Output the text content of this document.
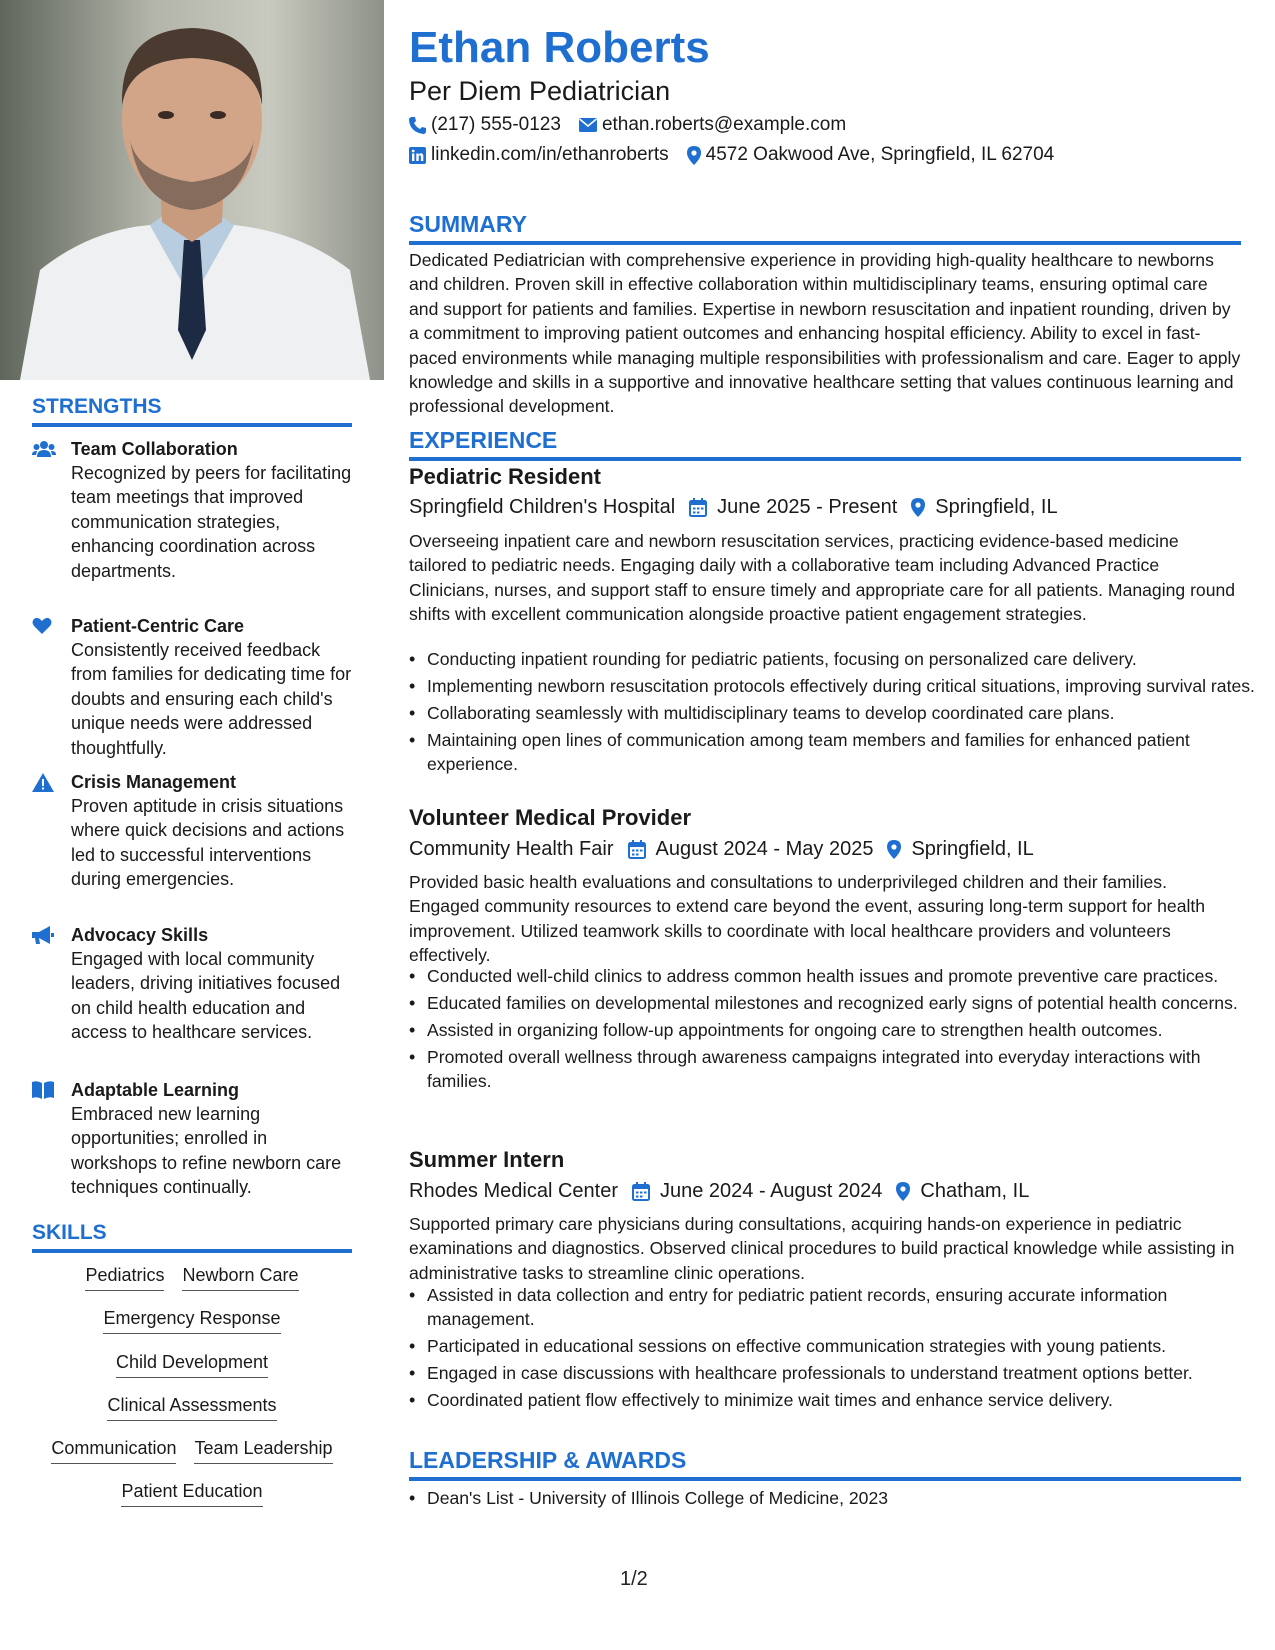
STRENGTHS
Team Collaboration
Recognized by peers for facilitating team meetings that improved communication strategies, enhancing coordination across departments.
Patient-Centric Care
Consistently received feedback from families for dedicating time for doubts and ensuring each child's unique needs were addressed thoughtfully.
Crisis Management
Proven aptitude in crisis situations where quick decisions and actions led to successful interventions during emergencies.
Advocacy Skills
Engaged with local community leaders, driving initiatives focused on child health education and access to healthcare services.
Adaptable Learning
Embraced new learning opportunities; enrolled in workshops to refine newborn care techniques continually.
SKILLS
Pediatrics Newborn Care
Emergency Response
Child Development
Clinical Assessments
Communication Team Leadership
Patient Education
Ethan Roberts
Per Diem Pediatrician
(217) 555-0123 ethan.roberts@example.com
linkedin.com/in/ethanroberts 4572 Oakwood Ave, Springfield, IL 62704
SUMMARY

Dedicated Pediatrician with comprehensive experience in providing high-quality healthcare to newborns and children. Proven skill in effective collaboration within multidisciplinary teams, ensuring optimal care and support for patients and families. Expertise in newborn resuscitation and inpatient rounding, driven by a commitment to improving patient outcomes and enhancing hospital efficiency. Ability to excel in fast-paced environments while managing multiple responsibilities with professionalism and care. Eager to apply knowledge and skills in a supportive and innovative healthcare setting that values continuous learning and professional development.

EXPERIENCE
Pediatric Resident
Springfield Children's Hospital June 2025 - Present Springfield, IL

Overseeing inpatient care and newborn resuscitation services, practicing evidence-based medicine tailored to pediatric needs. Engaging daily with a collaborative team including Advanced Practice Clinicians, nurses, and support staff to ensure timely and appropriate care for all patients. Managing round shifts with excellent communication alongside proactive patient engagement strategies.

• Conducting inpatient rounding for pediatric patients, focusing on personalized care delivery.
• Implementing newborn resuscitation protocols effectively during critical situations, improving survival rates.
• Collaborating seamlessly with multidisciplinary teams to develop coordinated care plans.
• Maintaining open lines of communication among team members and families for enhanced patient experience.
Volunteer Medical Provider
Community Health Fair August 2024 - May 2025 Springfield, IL

Provided basic health evaluations and consultations to underprivileged children and their families. Engaged community resources to extend care beyond the event, assuring long-term support for health improvement. Utilized teamwork skills to coordinate with local healthcare providers and volunteers effectively.

• Conducted well-child clinics to address common health issues and promote preventive care practices.
• Educated families on developmental milestones and recognized early signs of potential health concerns.
• Assisted in organizing follow-up appointments for ongoing care to strengthen health outcomes.
• Promoted overall wellness through awareness campaigns integrated into everyday interactions with families.
Summer Intern
Rhodes Medical Center June 2024 - August 2024 Chatham, IL

Supported primary care physicians during consultations, acquiring hands-on experience in pediatric examinations and diagnostics. Observed clinical procedures to build practical knowledge while assisting in administrative tasks to streamline clinic operations.

• Assisted in data collection and entry for pediatric patient records, ensuring accurate information management.
• Participated in educational sessions on effective communication strategies with young patients.
• Engaged in case discussions with healthcare professionals to understand treatment options better.
• Coordinated patient flow effectively to minimize wait times and enhance service delivery.
LEADERSHIP & AWARDS
• Dean's List - University of Illinois College of Medicine, 2023
1/2
